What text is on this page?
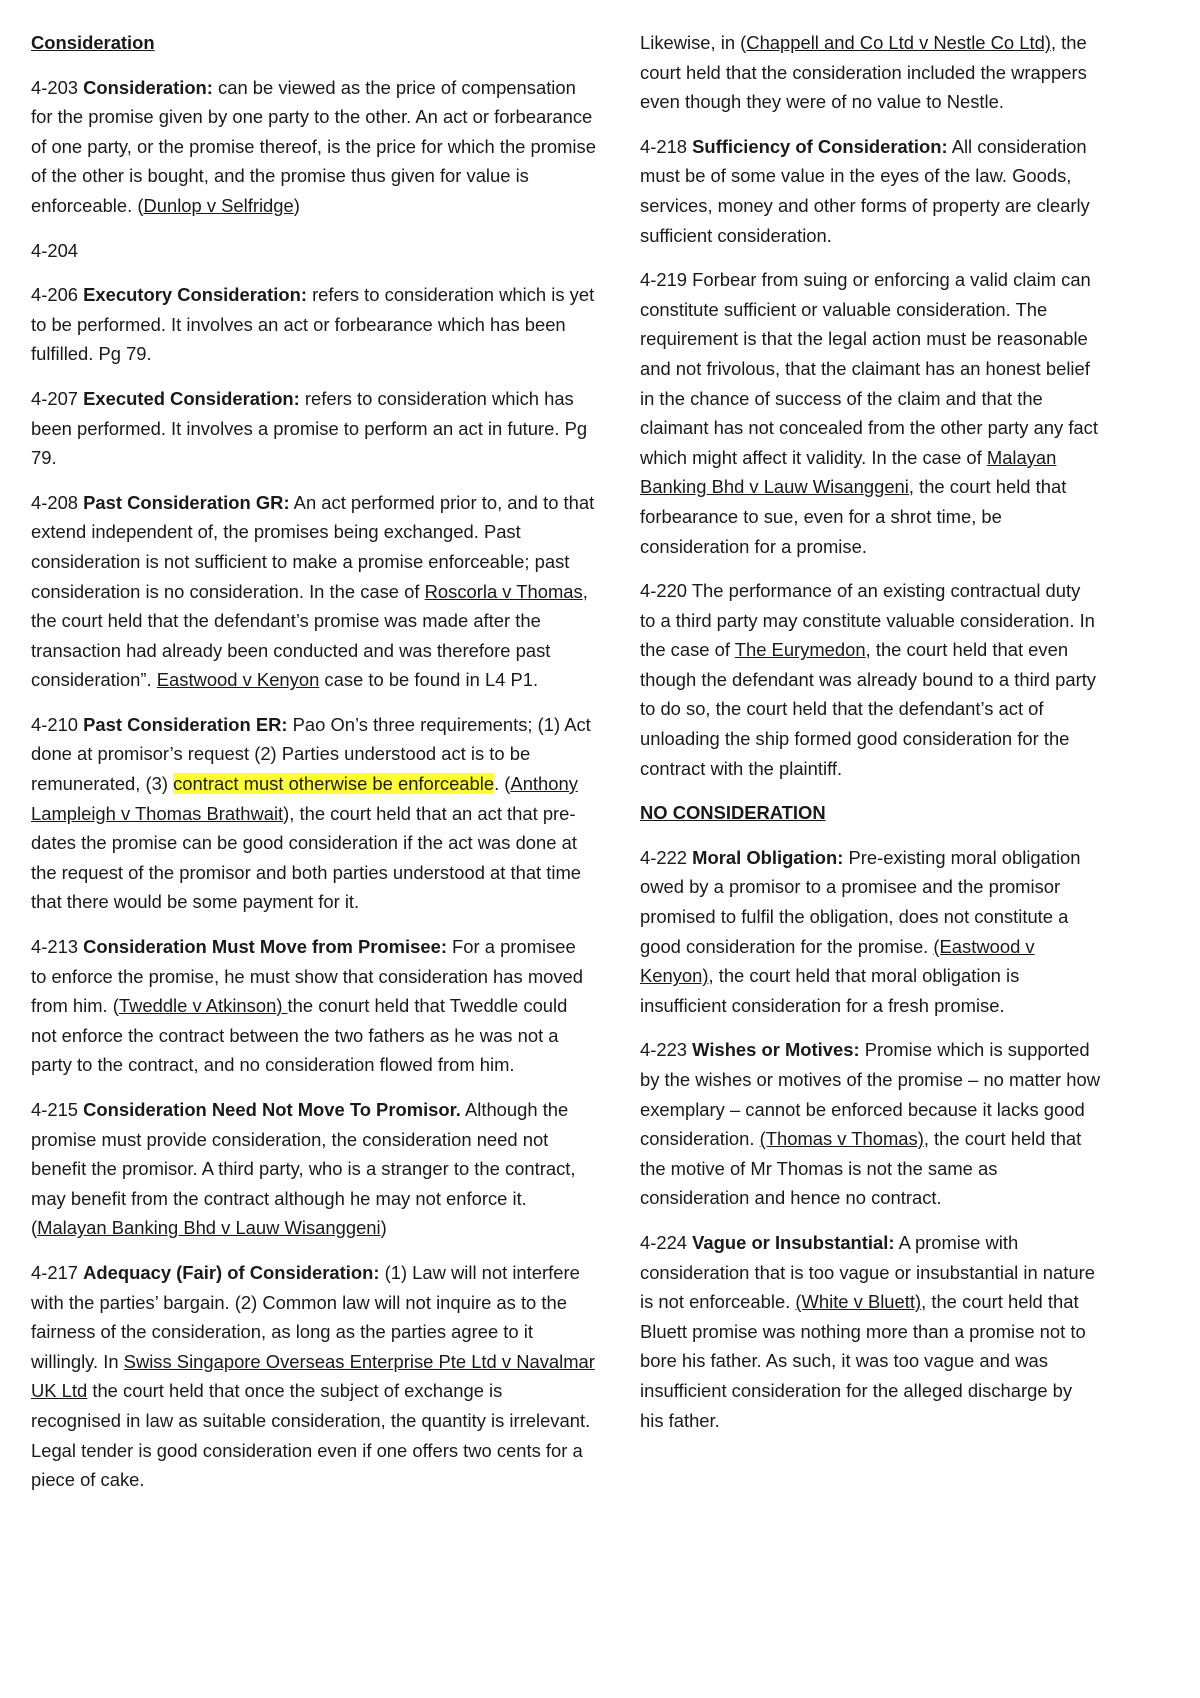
Consideration

4-203 Consideration: can be viewed as the price of compensation for the promise given by one party to the other. An act or forbearance of one party, or the promise thereof, is the price for which the promise of the other is bought, and the promise thus given for value is enforceable. (Dunlop v Selfridge)

4-204

4-206 Executory Consideration: refers to consideration which is yet to be performed. It involves an act or forbearance which has been fulfilled. Pg 79.

4-207 Executed Consideration: refers to consideration which has been performed. It involves a promise to perform an act in future. Pg 79.

4-208 Past Consideration GR: An act performed prior to, and to that extend independent of, the promises being exchanged. Past consideration is not sufficient to make a promise enforceable; past consideration is no consideration. In the case of Roscorla v Thomas, the court held that the defendant’s promise was made after the transaction had already been conducted and was therefore past consideration”. Eastwood v Kenyon case to be found in L4 P1.

4-210 Past Consideration ER: Pao On’s three requirements; (1) Act done at promisor’s request (2) Parties understood act is to be remunerated, (3) contract must otherwise be enforceable. (Anthony Lampleigh v Thomas Brathwait), the court held that an act that pre-dates the promise can be good consideration if the act was done at the request of the promisor and both parties understood at that time that there would be some payment for it.

4-213 Consideration Must Move from Promisee: For a promisee to enforce the promise, he must show that consideration has moved from him. (Tweddle v Atkinson) the conurt held that Tweddle could not enforce the contract between the two fathers as he was not a party to the contract, and no consideration flowed from him.

4-215 Consideration Need Not Move To Promisor. Although the promise must provide consideration, the consideration need not benefit the promisor. A third party, who is a stranger to the contract, may benefit from the contract although he may not enforce it. (Malayan Banking Bhd v Lauw Wisanggeni)

4-217 Adequacy (Fair) of Consideration: (1) Law will not interfere with the parties’ bargain. (2) Common law will not inquire as to the fairness of the consideration, as long as the parties agree to it willingly. In Swiss Singapore Overseas Enterprise Pte Ltd v Navalmar UK Ltd the court held that once the subject of exchange is recognised in law as suitable consideration, the quantity is irrelevant. Legal tender is good consideration even if one offers two cents for a piece of cake.

Likewise, in (Chappell and Co Ltd v Nestle Co Ltd), the court held that the consideration included the wrappers even though they were of no value to Nestle.

4-218 Sufficiency of Consideration: All consideration must be of some value in the eyes of the law. Goods, services, money and other forms of property are clearly sufficient consideration.

4-219 Forbear from suing or enforcing a valid claim can constitute sufficient or valuable consideration. The requirement is that the legal action must be reasonable and not frivolous, that the claimant has an honest belief in the chance of success of the claim and that the claimant has not concealed from the other party any fact which might affect it validity. In the case of Malayan Banking Bhd v Lauw Wisanggeni, the court held that forbearance to sue, even for a shrot time, be consideration for a promise.

4-220 The performance of an existing contractual duty to a third party may constitute valuable consideration. In the case of The Eurymedon, the court held that even though the defendant was already bound to a third party to do so, the court held that the defendant’s act of unloading the ship formed good consideration for the contract with the plaintiff.

NO CONSIDERATION

4-222 Moral Obligation: Pre-existing moral obligation owed by a promisor to a promisee and the promisor promised to fulfil the obligation, does not constitute a good consideration for the promise. (Eastwood v Kenyon), the court held that moral obligation is insufficient consideration for a fresh promise.

4-223 Wishes or Motives: Promise which is supported by the wishes or motives of the promise – no matter how exemplary – cannot be enforced because it lacks good consideration. (Thomas v Thomas), the court held that the motive of Mr Thomas is not the same as consideration and hence no contract.

4-224 Vague or Insubstantial: A promise with consideration that is too vague or insubstantial in nature is not enforceable. (White v Bluett), the court held that Bluett promise was nothing more than a promise not to bore his father. As such, it was too vague and was insufficient consideration for the alleged discharge by his father.
